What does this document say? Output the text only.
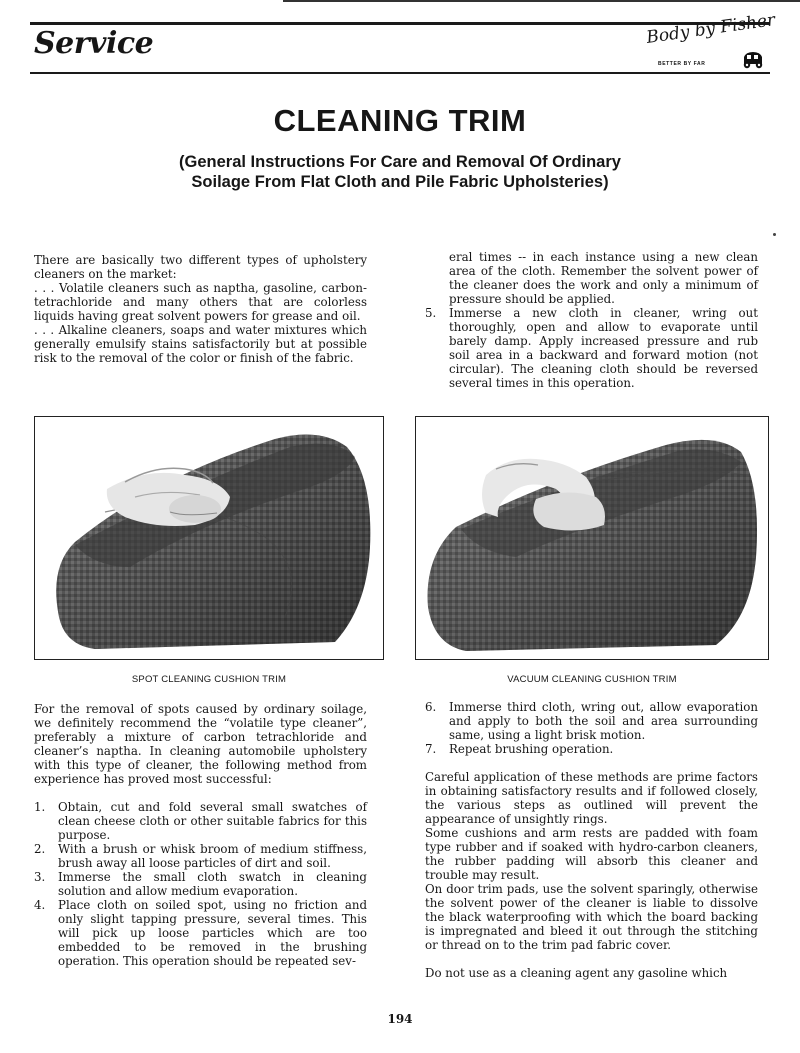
Service	Body by Fisher
BETTER BY FAR
CLEANING TRIM
(General Instructions For Care and Removal Of Ordinary
Soilage From Flat Cloth and Pile Fabric Upholsteries)

There are basically two different types of upholstery cleaners on the market:

. . . Volatile cleaners such as naptha, gasoline, carbon-tetrachloride and many others that are colorless liquids having great solvent powers for grease and oil.

. . . Alkaline cleaners, soaps and water mixtures which generally emulsify stains satisfactorily but at possible risk to the removal of the color or finish of the fabric.

eral times -- in each instance using a new clean area of the cloth. Remember the solvent power of the cleaner does the work and only a minimum of pressure should be applied.

5.	Immerse a new cloth in cleaner, wring out thoroughly, open and allow to evaporate until barely damp. Apply increased pressure and rub soil area in a backward and forward motion (not circular). The cleaning cloth should be reversed several times in this operation.
SPOT CLEANING CUSHION TRIM	VACUUM CLEANING CUSHION TRIM

For the removal of spots caused by ordinary soilage, we definitely recommend the “volatile type cleaner”, preferably a mixture of carbon tetrachloride and cleaner’s naptha. In cleaning automobile upholstery with this type of cleaner, the following method from experience has proved most successful:

1.	Obtain, cut and fold several small swatches of clean cheese cloth or other suitable fabrics for this purpose.
2.	With a brush or whisk broom of medium stiffness, brush away all loose particles of dirt and soil.
3.	Immerse the small cloth swatch in cleaning solution and allow medium evaporation.
4.	Place cloth on soiled spot, using no friction and only slight tapping pressure, several times. This will pick up loose particles which are too embedded to be removed in the brushing operation. This operation should be repeated sev-
6.	Immerse third cloth, wring out, allow evaporation and apply to both the soil and area surrounding same, using a light brisk motion.
7.	Repeat brushing operation.

Careful application of these methods are prime factors in obtaining satisfactory results and if followed closely, the various steps as outlined will prevent the appearance of unsightly rings.

Some cushions and arm rests are padded with foam type rubber and if soaked with hydro-carbon cleaners, the rubber padding will absorb this cleaner and trouble may result.

On door trim pads, use the solvent sparingly, otherwise the solvent power of the cleaner is liable to dissolve the black waterproofing with which the board backing is impregnated and bleed it out through the stitching or thread on to the trim pad fabric cover.

Do not use as a cleaning agent any gasoline which

194
